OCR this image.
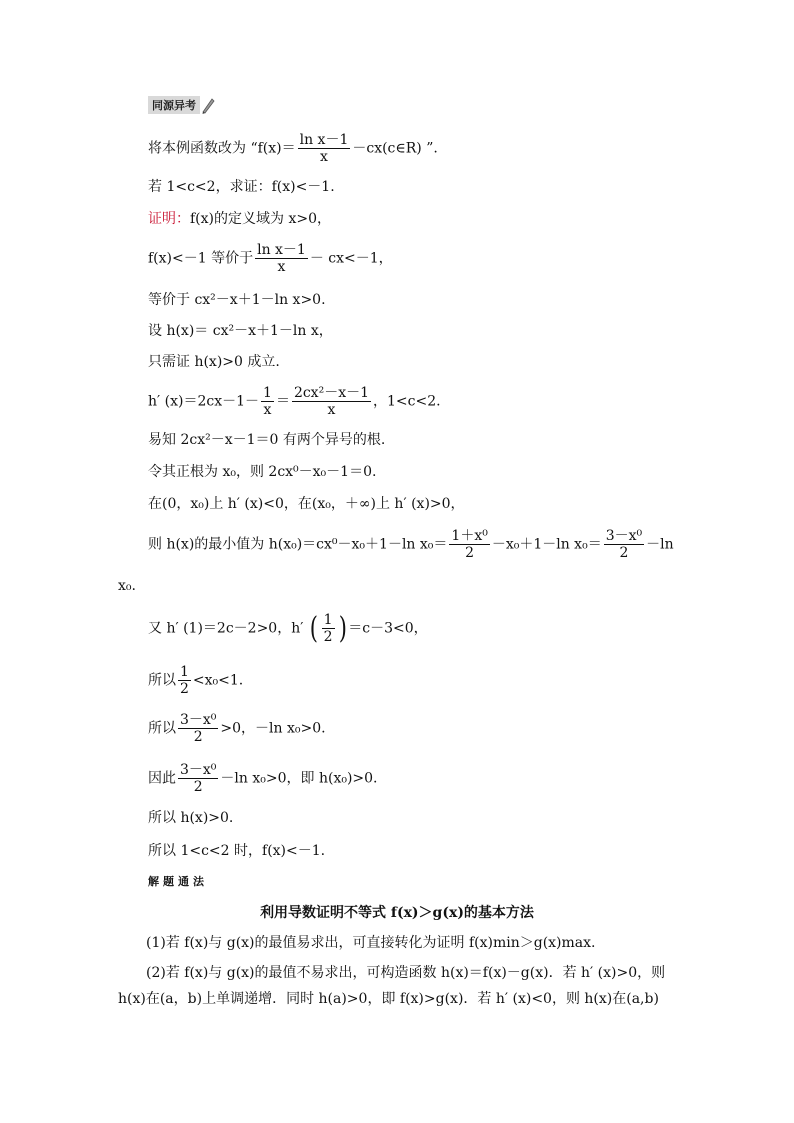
同源异考
将本例函数改为 “$f(x)= \frac{\text{ln x－1}}{x}$ －cx(c∈R) ”.
若 1<c<2，求证：f(x)<－1.
证明：f(x)的定义域为 x>0，
f(x)<－1 等价于 $\frac{\text{ln x－1}}{x} - cx<-1$，
等价于 cx²－x＋1－ln x>0.
设 h(x)＝ cx²－x＋1－ln x，
只需证 h(x)>0 成立.
h′ $(x)=2cx-1- \frac{1}{x} = \frac{\text{2cx²－x－1}}{x}$ ，1<c<2.
易知 2cx²－x－1＝0 有两个异号的根.
令其正根为 x₀，则 2cx⁰－x₀－1＝0.
在(0，x₀)上 h′ (x)<0，在(x₀，＋∞)上 h′ (x)>0，
则 h(x)的最小值为 h(x₀)＝cx⁰－x₀＋1－ln $x_0= \frac{\text{1＋x⁰}}{2} -x_0+1-\ln$ $x_0= \frac{\text{3－x⁰}}{2} -\ln$
x₀.
又 h′ (1)＝2c－2>0，h′ ( $\frac{1}{2}$ ) ＝c－3<0，
所以 $\frac{1}{2} <x_0<1$.
所以 $\frac{\text{3－x⁰}}{2} >0$，－ln x₀>0.
因此 $\frac{\text{3－x⁰}}{2} -\ln$ x₀>0，即 h(x₀)>0.
所以 h(x)>0.
所以 1<c<2 时，f(x)<－1.
解题通法
利用导数证明不等式 f(x)＞g(x)的基本方法
(1)若 f(x)与 g(x)的最值易求出，可直接转化为证明 f(x)min＞g(x)max.
(2)若 f(x)与 g(x)的最值不易求出，可构造函数 h(x)＝f(x)－g(x)．若 h′ (x)>0，则 h(x)在(a，b)上单调递增．同时 h(a)>0，即 f(x)>g(x)．若 h′ (x)<0，则 h(x)在(a,b)
